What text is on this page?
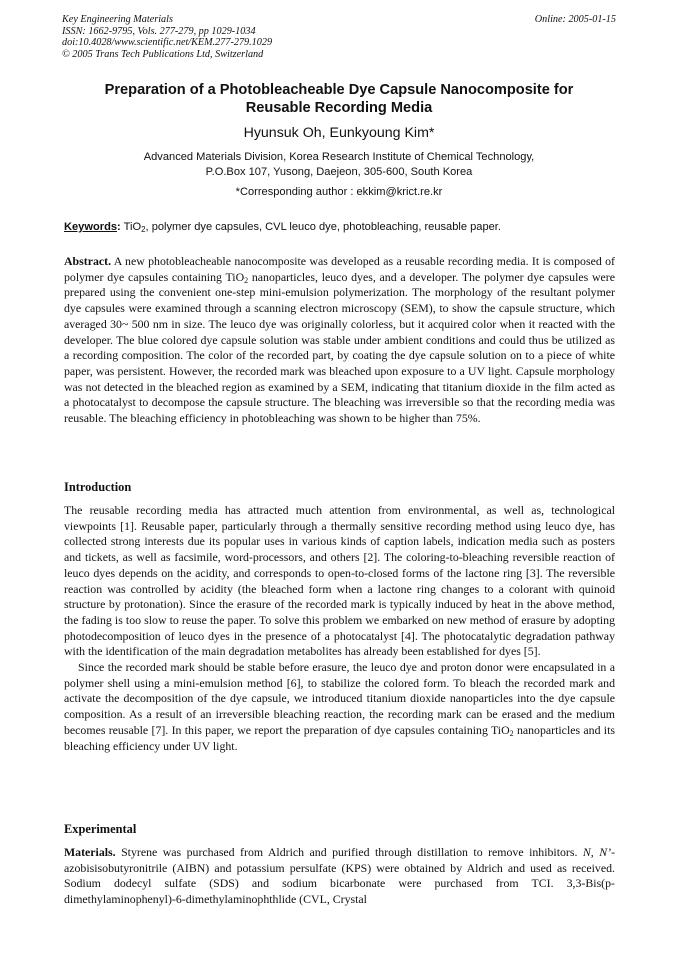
Key Engineering Materials
ISSN: 1662-9795, Vols. 277-279, pp 1029-1034
doi:10.4028/www.scientific.net/KEM.277-279.1029
© 2005 Trans Tech Publications Ltd, Switzerland
Online: 2005-01-15
Preparation of a Photobleacheable Dye Capsule Nanocomposite for
Reusable Recording Media
Hyunsuk Oh, Eunkyoung Kim*
Advanced Materials Division, Korea Research Institute of Chemical Technology,
P.O.Box 107, Yusong, Daejeon, 305-600, South Korea
*Corresponding author : ekkim@krict.re.kr
Keywords: TiO$_2$, polymer dye capsules, CVL leuco dye, photobleaching, reusable paper.

Abstract. A new photobleacheable nanocomposite was developed as a reusable recording media. It is composed of polymer dye capsules containing TiO$_2$ nanoparticles, leuco dyes, and a developer. The polymer dye capsules were prepared using the convenient one-step mini-emulsion polymerization. The morphology of the resultant polymer dye capsules were examined through a scanning electron microscopy (SEM), to show the capsule structure, which averaged 30~ 500 nm in size. The leuco dye was originally colorless, but it acquired color when it reacted with the developer. The blue colored dye capsule solution was stable under ambient conditions and could thus be utilized as a recording composition. The color of the recorded part, by coating the dye capsule solution on to a piece of white paper, was persistent. However, the recorded mark was bleached upon exposure to a UV light. Capsule morphology was not detected in the bleached region as examined by a SEM, indicating that titanium dioxide in the film acted as a photocatalyst to decompose the capsule structure. The bleaching was irreversible so that the recording media was reusable. The bleaching efficiency in photobleaching was shown to be higher than 75%.

Introduction

The reusable recording media has attracted much attention from environmental, as well as, technological viewpoints [1]. Reusable paper, particularly through a thermally sensitive recording method using leuco dye, has collected strong interests due its popular uses in various kinds of caption labels, indication media such as posters and tickets, as well as facsimile, word-processors, and others [2]. The coloring-to-bleaching reversible reaction of leuco dyes depends on the acidity, and corresponds to open-to-closed forms of the lactone ring [3]. The reversible reaction was controlled by acidity (the bleached form when a lactone ring changes to a colorant with quinoid structure by protonation). Since the erasure of the recorded mark is typically induced by heat in the above method, the fading is too slow to reuse the paper. To solve this problem we embarked on new method of erasure by adopting photodecomposition of leuco dyes in the presence of a photocatalyst [4]. The photocatalytic degradation pathway with the identification of the main degradation metabolites has already been established for dyes [5].

Since the recorded mark should be stable before erasure, the leuco dye and proton donor were encapsulated in a polymer shell using a mini-emulsion method [6], to stabilize the colored form. To bleach the recorded mark and activate the decomposition of the dye capsule, we introduced titanium dioxide nanoparticles into the dye capsule composition. As a result of an irreversible bleaching reaction, the recording mark can be erased and the medium becomes reusable [7]. In this paper, we report the preparation of dye capsules containing TiO$_2$ nanoparticles and its bleaching efficiency under UV light.

Experimental

Materials. Styrene was purchased from Aldrich and purified through distillation to remove inhibitors. N, N’-azobisisobutyronitrile (AIBN) and potassium persulfate (KPS) were obtained by Aldrich and used as received. Sodium dodecyl sulfate (SDS) and sodium bicarbonate were purchased from TCI. 3,3-Bis(p-dimethylaminophenyl)-6-dimethylaminophthlide (CVL, Crystal
